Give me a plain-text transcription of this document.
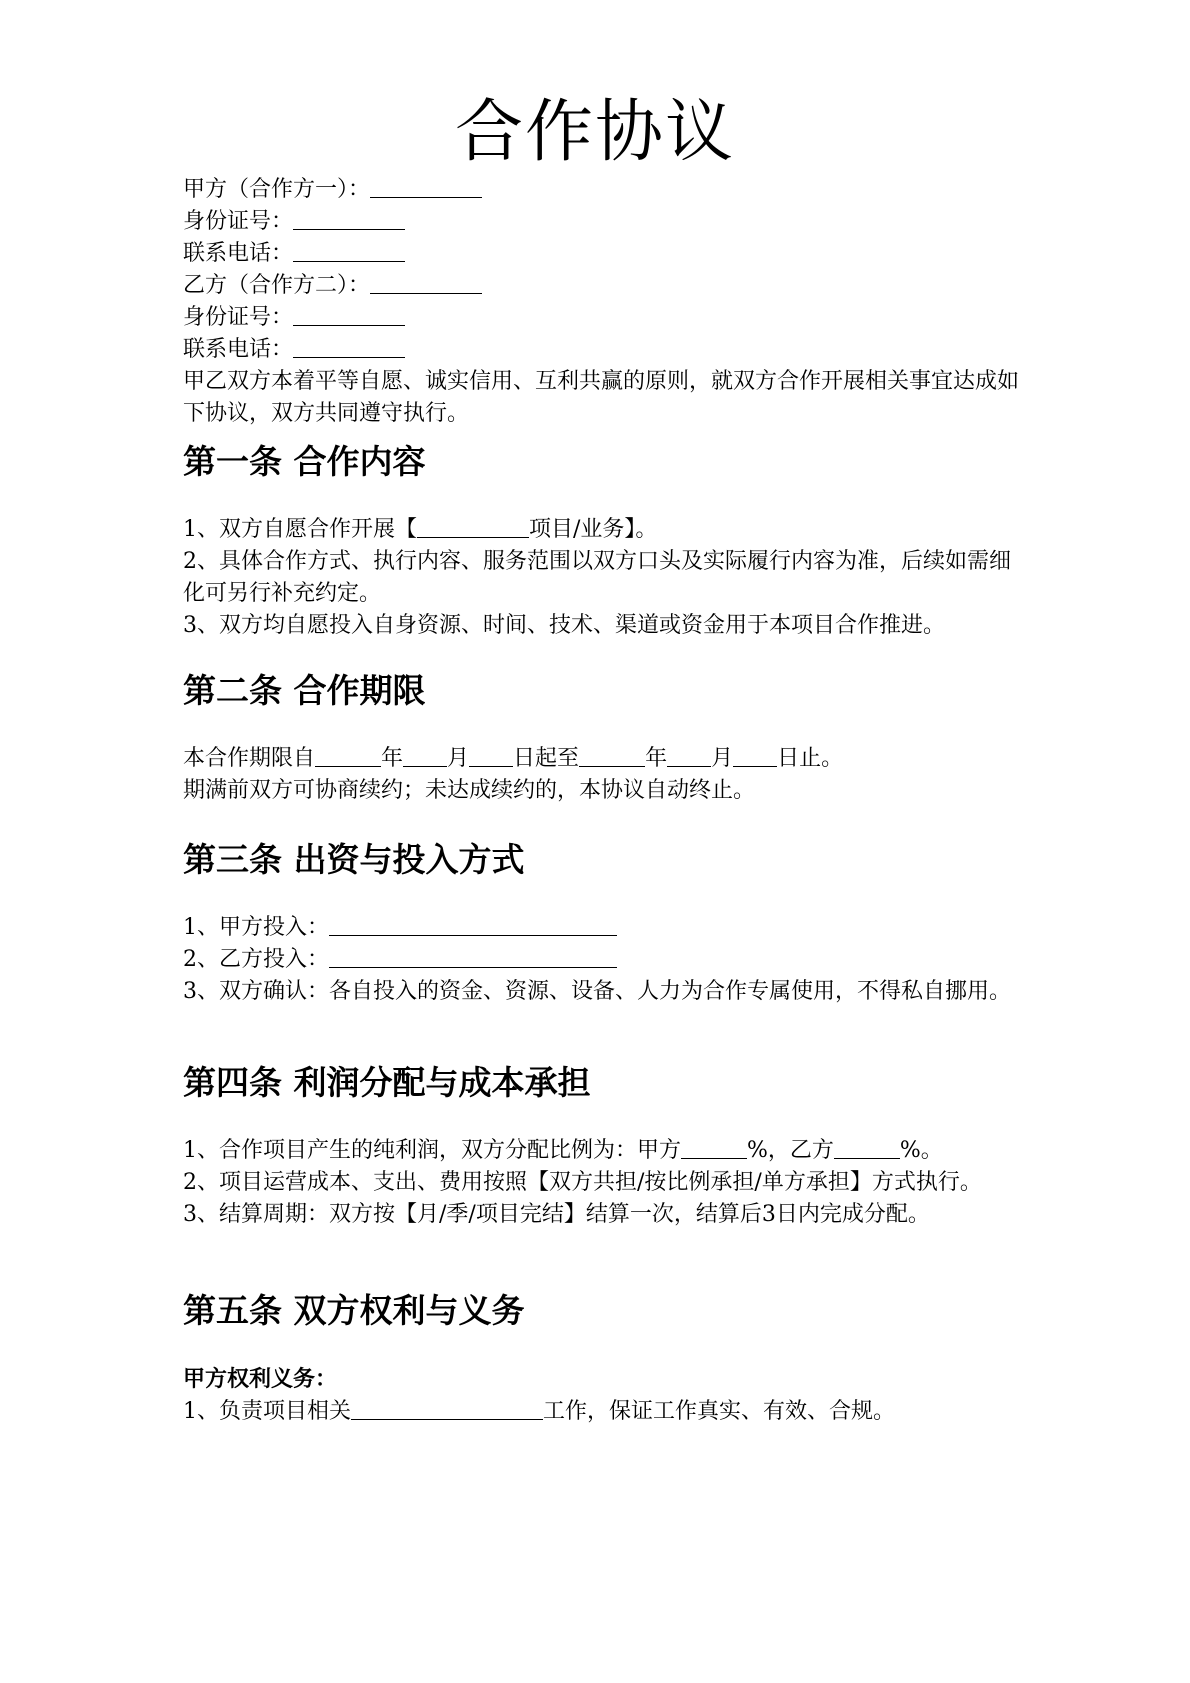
合作协议

甲方（合作方一）：

身份证号：

联系电话：

乙方（合作方二）：

身份证号：

联系电话：

甲乙双方本着平等自愿、诚实信用、互利共赢的原则，就双方合作开展相关事宜达成如下协议，双方共同遵守执行。

第一条 合作内容

1、双方自愿合作开展【	项目/业务】。

2、具体合作方式、执行内容、服务范围以双方口头及实际履行内容为准，后续如需细化可另行补充约定。

3、双方均自愿投入自身资源、时间、技术、渠道或资金用于本项目合作推进。

第二条 合作期限

本合作期限自	年 月 日起至	年 月 日止。

期满前双方可协商续约；未达成续约的，本协议自动终止。

第三条 出资与投入方式

1、甲方投入：

2、乙方投入：

3、双方确认：各自投入的资金、资源、设备、人力为合作专属使用，不得私自挪用。

第四条 利润分配与成本承担

1、合作项目产生的纯利润，双方分配比例为：甲方	%，乙方	%。

2、项目运营成本、支出、费用按照【双方共担/按比例承担/单方承担】方式执行。

3、结算周期：双方按【月/季/项目完结】结算一次，结算后3日内完成分配。

第五条 双方权利与义务

甲方权利义务：

1、负责项目相关	工作，保证工作真实、有效、合规。
